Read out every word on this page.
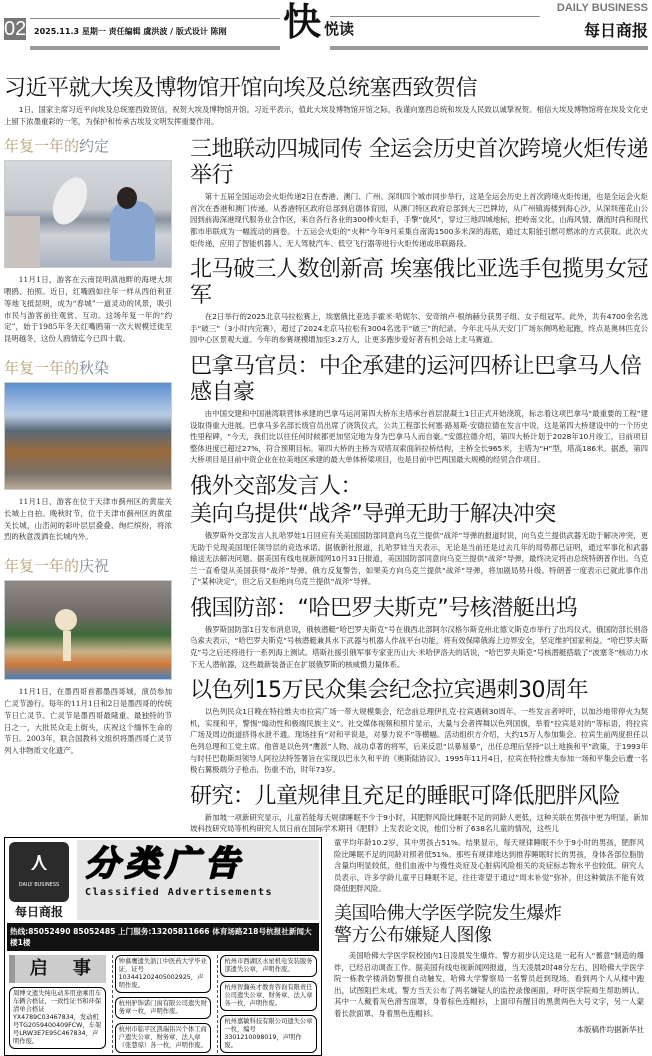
02 2025.11.3 星期一 责任编辑 虞洪波 / 版式设计 陈刚 快 悦读
DAILY BUSINESS
每日商报
习近平就大埃及博物馆开馆向埃及总统塞西致贺信

1日，国家主席习近平向埃及总统塞西致贺信，祝贺大埃及博物馆开馆。习近平表示，值此大埃及博物馆开馆之际，我谨向塞西总统和埃及人民致以诚挚祝贺。相信大埃及博物馆将在埃及文化史上留下浓墨重彩的一笔，为保护和传承古埃及文明发挥重要作用。

年复一年的约定

11月1日，游客在云南昆明滇池畔的海埂大坝喂鸥、拍照。近日，红嘴鸥如往年一样从西伯利亚等地飞抵昆明，成为“春城”一道灵动的风景，吸引市民与游客前往观赏、互动。这场年复一年的“约定”，始于1985年冬天红嘴鸥第一次大规模迁徙至昆明越冬，这份人鸥情迄今已四十载。

年复一年的秋染

11月1日，游客在位于天津市蓟州区的黄崖关长城上自拍。晚秋时节，位于天津市蓟州区的黄崖关长城，山峦间的彩叶层层叠叠、绚烂缤纷，将浓烈的秋意泼洒在长城内外。

年复一年的庆祝

11月1日，在墨西哥首都墨西哥城，演员参加亡灵节游行。每年的11月1日和2日是墨西哥的传统节日亡灵节。亡灵节是墨西哥最隆重、最独特的节日之一，大批民众走上街头，庆祝这个缅怀生命的节日。2003年，联合国教科文组织将墨西哥亡灵节列入非物质文化遗产。

三地联动四城同传 全运会历史首次跨境火炬传递举行

第十五届全国运动会火炬传递2日在香港、澳门、广州、深圳四个城市同步举行，这是全运会历史上首次跨境火炬传递，也是全运会火炬首次在香港和澳门传递。从香港特区政府总部到启德体育园，从澳门特区政府总部到大三巴牌坊，从广州镇海楼到海心沙，从深圳莲花山公园到前海深港现代服务业合作区，来自各行各业的300棒火炬手，手擎“旋风”，穿过三地四城地标，把岭南文化、山海风情、潮流时尚和现代都市串联成为一幅流动的画卷。十五运会火炬的“火种”今年9月采集自南海1500多米深的海底，通过太阳能引燃可燃冰的方式获取。此次火炬传递，应用了智能机器人、无人驾驶汽车、低空飞行器等进行火炬传递或串联路段。

北马破三人数创新高 埃塞俄比亚选手包揽男女冠军

在2日举行的2025北京马拉松赛上，埃塞俄比亚选手霍米·哈妮尔、安奇纳卢·根纳赫分获男子组、女子组冠军。此外，共有4700余名选手“破三”（3小时内完赛），超过了2024北京马拉松有3004名选手“破三”的纪录。今年北马从天安门广场东侧鸣枪起跑，终点是奥林匹克公园中心区景观大道。今年的参赛规模增加至3.2万人，让更多跑步爱好者有机会站上北马赛道。

巴拿马官员：中企承建的运河四桥让巴拿马人倍感自豪

由中国交建和中国港湾联营体承建的巴拿马运河第四大桥东主塔承台首层混凝土1日正式开始浇筑，标志着这项巴拿马“最重要的工程”建设取得重大进展。巴拿马多名部长级官员出席了浇筑仪式，公共工程部长何塞·路易斯·安德拉德在发言中说，这是第四大桥建设中的一个历史性里程碑，“今天，我们比以往任何时候都更加坚定地为身为巴拿马人而自豪。”安德拉德介绍，第四大桥计划于2028年10月竣工，目前项目整体进度已超过27%，符合预期目标。第四大桥的主桥为双塔双索面斜拉桥结构，主桥全长965米，主塔为“H”型，塔高186米。据悉，第四大桥项目是目前中资企业在拉美地区承建的最大单体桥梁项目，也是目前中巴两国最大规模的经贸合作项目。

俄外交部发言人：
美向乌提供“战斧”导弹无助于解决冲突

俄罗斯外交部发言人扎哈罗娃1日回应有关美国国防部同意向乌克兰提供“战斧”导弹的报道时说，向乌克兰提供武器无助于解决冲突，更无助于兑现美国现任领导层的竞选承诺。据俄新社报道，扎哈罗娃当天表示，无论是当前还是过去几年的局势都已证明，通过军事化和武器输送无法解决问题。据美国有线电视新闻网10月31日报道，美国国防部同意向乌克兰提供“战斧”导弹，最终决定将由总统特朗普作出。乌克兰一直希望从美国获得“战斧”导弹。俄方反复警告，如果美方向乌克兰提供“战斧”导弹，将加剧局势升级。特朗普一度表示已就此事作出了“某种决定”，但之后又拒绝向乌克兰提供“战斧”导弹。

俄国防部：“哈巴罗夫斯克”号核潜艇出坞

俄罗斯国防部1日发布消息说，俄核潜艇“哈巴罗夫斯克”号在俄西北部阿尔汉格尔斯克州北德文斯克市举行了出坞仪式。俄国防部长别洛乌索夫表示，“哈巴罗夫斯克”号核潜艇兼具水下武器与机器人作战平台功能，将有效保障俄海上边界安全，坚定维护国家利益。“哈巴罗夫斯克”号之后还将进行一系列海上测试。塔斯社援引俄军事专家亚历山大·米哈伊洛夫的话说，“哈巴罗夫斯克”号核潜艇搭载了“波塞冬”核动力水下无人潜航器，这些最新装备正在扩展俄罗斯的核威慑力量体系。

以色列15万民众集会纪念拉宾遇刺30周年

以色列民众1日晚在特拉维夫市拉宾广场一带大规模集会，纪念前总理伊扎克·拉宾遇刺30周年。一些发言者呼吁，以加沙地带停火为契机，实现和平，警惕“煽动性和极端民族主义”。社交媒体视频和照片显示，大量与会者挥舞以色列国旗，举着“拉宾是对的”等标语，将拉宾广场及周边街道挤得水泄不通。现场挂有“对和平说是，对暴力说不”等横幅。活动组织方介绍，大约15万人参加集会。拉宾生前两度担任以色列总理和工党主席。他曾是以色列“鹰派”人物、战功卓著的将军，后来反思“以暴易暴”，出任总理后坚持“以土地换和平”政策，于1993年与时任巴勒斯坦领导人阿拉法特签署旨在实现以巴永久和平的《奥斯陆协议》。1995年11月4日，拉宾在特拉维夫参加一场和平集会后遭一名极右翼极端分子枪击，伤重不治，时年73岁。

研究：儿童规律且充足的睡眠可降低肥胖风险

新加坡一项新研究显示，儿童若能每天规律睡眠不少于9小时，其肥胖风险比睡眠不足的同龄人更低，这种关联在男孩中更为明显。新加坡科技研究局等机构研究人员日前在国际学术期刊《肥胖》上发表论文说，他们分析了638名儿童的情况，这些儿

⋏
DAILY BUSINESS
每日商报
分类广告
Classified Advertisements
热线:85052490 85052485 上门服务:13205811666 体育场路218号杭报社新闻大楼1楼
启    事
周博文遗失纯电动多用途乘用车车辆合格证，一致性证书和环保清单合格证YX4789C03467834，发动机号TG2059400409FCW，车架号LRW3E7E95C467834，声明作废。
钟慕鹰遗失浙江中医药大学毕业证，证号103441202405002925，声明作废。
杭州驴饰诺门窗有限公司遗失财务章一枚，声明作废。
杭州市临平区凯瑞伟兴个体工商户遗失公章、财务章、法人章（张慧琼）各一枚，声明作废。
杭州市西湖区水星机电安装服务部遗失公章，声明作废。
杭州智瀚英才教育咨询有限责任公司遗失公章、财务章、法人章各一枚，声明作废。
杭州嘉敏科技有限公司遗失公章一枚，编号3301210098019，声明作废。

童平均年龄10.2岁，其中男孩占51%。结果显示，每天规律睡眠不少于9小时的男孩，肥胖风险比睡眠不足的同龄对照者低51%。那些有规律地达到推荐睡眠时长的男孩，身体各部位脂肪含量均明显较低，他们血液中与慢性炎症及心脏病风险相关的炎症标志物水平也较低。研究人员表示，许多学龄儿童平日睡眠不足，往往寄望于通过“周末补觉”弥补，但这种做法不能有效降低肥胖风险。

美国哈佛大学医学院发生爆炸
警方公布嫌疑人图像

美国哈佛大学医学院校园内1日凌晨发生爆炸。警方初步认定这是一起有人“蓄意”制造的爆炸，已经启动调查工作。据美国有线电视新闻网报道，当天凌晨2时48分左右，因哈佛大学医学院一栋教学楼消防警报自动触发，哈佛大学警察局一名警员赶到现场，看到两个人从楼中跑出，试图阻拦未成。警方当天公布了两名嫌疑人的监控录像画面，呼吁医学院师生帮助辨认。其中一人戴着灰色滑雪面罩，身着棕色连帽衫，上面印有醒目的黑黄两色大号文字，另一人蒙着长款面罩、身着黑色连帽衫。

本版稿件均据新华社
